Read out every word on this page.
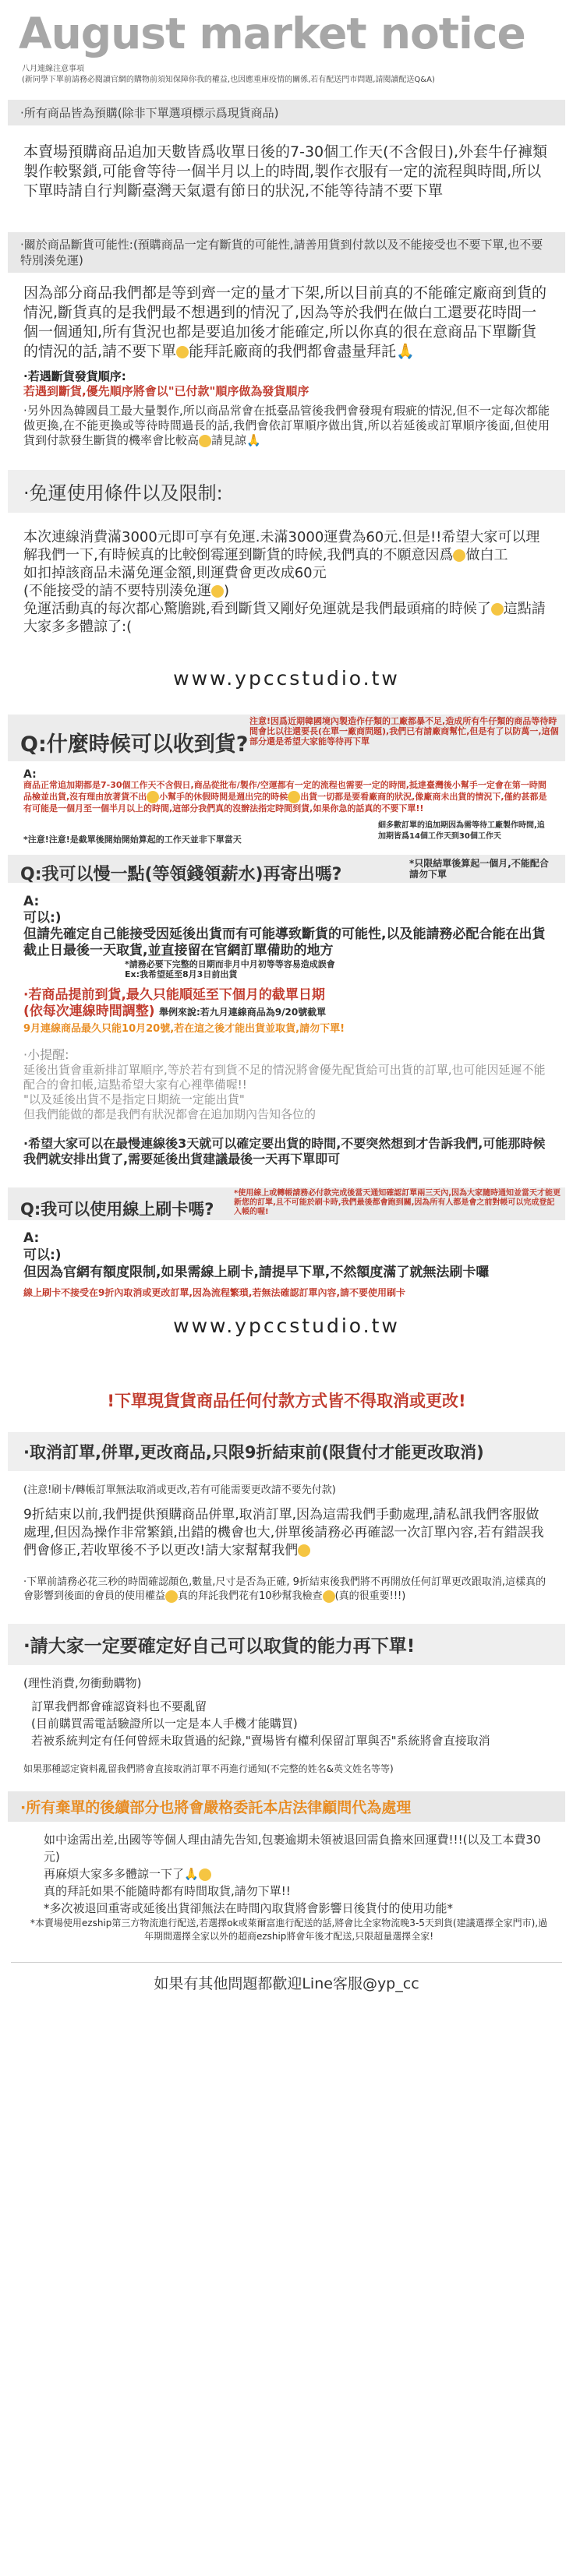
August market notice
八月連線注意事項
(新同學下單前請務必閱讀官網的購物前須知保障你我的權益,也因應重庫疫情的關係,若有配送門市問題,請閱讀配送Q&A)
·所有商品皆為預購(除非下單選項標示爲現貨商品)
本賣場預購商品追加天數皆爲收單日後的7-30個工作天(不含假日),外套牛仔褲類製作較緊鎖,可能會等待一個半月以上的時間,製作衣服有一定的流程與時間,所以下單時請自行判斷臺灣天氣還有節日的狀況,不能等待請不要下單
·關於商品斷貨可能性:(預購商品一定有斷貨的可能性,請善用貨到付款以及不能接受也不要下單,也不要特別湊免運)
因為部分商品我們都是等到齊一定的量才下架,所以目前真的不能確定廠商到貨的情況,斷貨真的是我們最不想遇到的情況了,因為等於我們在做白工還要花時間一個一個通知,所有貨況也都是要追加後才能確定,所以你真的很在意商品下單斷貨的情況的話,請不要下單 能拜託廠商的我們都會盡量拜託🙏
·若遇斷貨發貨順序:
若遇到斷貨,優先順序將會以"已付款"順序做為發貨順序
·另外因為韓國員工最大量製作,所以商品常會在抵臺品管後我們會發現有瑕疵的情況,但不一定每次都能做更換,在不能更換或等待時間過長的話,我們會依訂單順序做出貨,所以若延後或訂單順序後面,但使用貨到付款發生斷貨的機率會比較高 請見諒🙏
·免運使用條件以及限制:
本次連線消費滿3000元即可享有免運.未滿3000運費為60元.但是!!希望大家可以理解我們一下,有時候真的比較倒霉運到斷貨的時候,我們真的不願意因爲 做白工
如扣掉該商品未滿免運金額,則運費會更改成60元
(不能接受的請不要特別湊免運 )
免運活動真的每次都心驚膽跳,看到斷貨又剛好免運就是我們最頭痛的時候了 這點請大家多多體諒了:(
www.ypccstudio.tw
Q:什麼時候可以收到貨?
注意!因爲近期韓國境內製造作仔類的工廠都暴不足,造成所有牛仔類的商品等待時間會比以往還要長(在單一廠商問題),我們已有請廠商幫忙,但是有了以防萬一,這個部分還是希望大家能等待再下單
A:
商品正常追加期都是7-30個工作天不含假日,商品從批布/製作/空運都有一定的流程也需要一定的時間,抵達臺灣後小幫手一定會在第一時間品檢並出貨,沒有理由放著貨不出 小幫手的休假時間是週出完的時候 出貨一切都是要看廠商的狀況,像廠商未出貨的情況下,僅約甚都是有可能是一個月至一個半月以上的時間,這部分我們真的沒辦法指定時間到貨,如果你急的話真的不要下單!!
*注意!注意!是截單後開始開始算起的工作天並非下單當天
細多數訂單的追加期因為需等待工廠製作時間,追加期皆爲14個工作天到30個工作天
Q:我可以慢一點(等領錢領薪水)再寄出嗎?
*只限結單後算起一個月,不能配合請勿下單
A:
可以:)
但請先確定自己能接受因延後出貨而有可能導致斷貨的可能性,以及能請務必配合能在出貨截止日最後一天取貨,並直接留在官網訂單備助的地方
*請務必要下完整的日期而非月中月初等等容易造成誤會
Ex:我希望延至8月3日前出貨
·若商品提前到貨,最久只能順延至下個月的截單日期
(依每次連線時間調整) 舉例來說:若九月連線商品為9/20號截單
9月連線商品最久只能10月20號,若在這之後才能出貨並取貨,請勿下單!
·小提醒:
延後出貨會重新排訂單順序,等於若有到貨不足的情況將會優先配貨給可出貨的訂單,也可能因延遲不能配合的會扣帳,這點希望大家有心裡準備喔!!
"以及延後出貨不是指定日期統一定能出貨"
但我們能做的都是我們有狀況都會在追加期內告知各位的
·希望大家可以在最慢連線後3天就可以確定要出貨的時間,不要突然想到才告訴我們,可能那時候我們就安排出貨了,需要延後出貨建議最後一天再下單即可
Q:我可以使用線上刷卡嗎?
*使用線上或轉帳請務必付款完成後當天通知確認訂單兩三天內,因為大家隨時通知並當天才能更新您的訂單,且不可能於刷卡時,我們最後都會跑到關,因為所有人都是會之前對帳可以完成登記入帳的喔!
A:
可以:)
但因為官網有額度限制,如果需線上刷卡,請提早下單,不然額度滿了就無法刷卡囉
線上刷卡不接受在9折內取消或更改訂單,因為流程繁瑣,若無法確認訂單內容,請不要使用刷卡
www.ypccstudio.tw
!下單現貨貨商品任何付款方式皆不得取消或更改!
·取消訂單,併單,更改商品,只限9折結束前(限貨付才能更改取消)
(注意!刷卡/轉帳訂單無法取消或更改,若有可能需要更改請不要先付款)
9折結束以前,我們提供預購商品併單,取消訂單,因為這需我們手動處理,請私訊我們客服做處理,但因為操作非常繁鎖,出錯的機會也大,併單後請務必再確認一次訂單內容,若有錯誤我們會修正,若收單後不予以更改!請大家幫幫我們
·下單前請務必花三秒的時間確認顏色,數量,尺寸是否為正確, 9折結束後我們將不再開放任何訂單更改跟取消,這樣真的會影響到後面的會員的使用權益 真的拜託我們花有10秒幫我檢查 (真的很重要!!!)
·請大家一定要確定好自己可以取貨的能力再下單!
(理性消費,勿衝動購物)
訂單我們都會確認資料也不要亂留
(目前購買需電話驗證所以一定是本人手機才能購買)
若被系統判定有任何曾經未取貨過的紀錄,"賣場皆有權利保留訂單與否"系統將會直接取消
如果那種認定資料亂留我們將會直接取消訂單不再進行通知(不完整的姓名&英文姓名等等)
·所有棄單的後續部分也將會嚴格委託本店法律顧問代為處理
如中途需出差,出國等等個人理由請先告知,包裹逾期未領被退回需負擔來回運費!!!(以及工本費30元)
再麻煩大家多多體諒一下了🙏
真的拜託如果不能隨時都有時間取貨,請勿下單!!
*多次被退回重寄或延後出貨卻無法在時間內取貨將會影響日後貨付的使用功能*
*本賣場使用ezship第三方物流進行配送,若選擇ok或萊爾富進行配送的話,將會比全家物流晚3-5天到貨(建議選擇全家門市),過年期間選擇全家以外的超商ezship將會年後才配送,只限超量選擇全家!
如果有其他問題都歡迎Line客服@yp_cc
